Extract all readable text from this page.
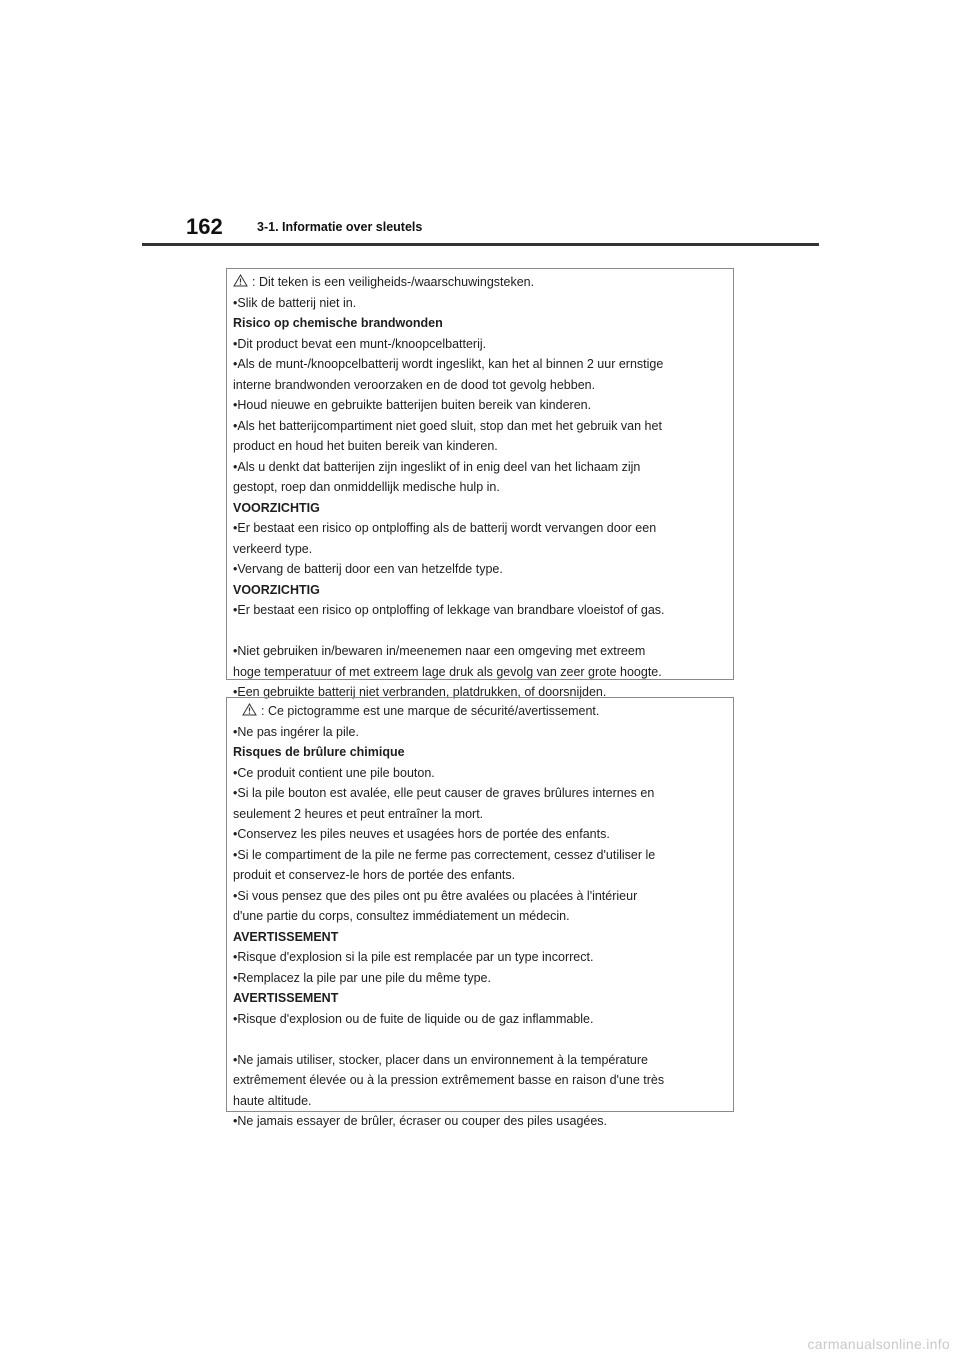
162	3-1. Informatie over sleutels
: Dit teken is een veiligheids-/waarschuwingsteken.
•Slik de batterij niet in.
Risico op chemische brandwonden
•Dit product bevat een munt-/knoopcelbatterij.
•Als de munt-/knoopcelbatterij wordt ingeslikt, kan het al binnen 2 uur ernstige
interne brandwonden veroorzaken en de dood tot gevolg hebben.
•Houd nieuwe en gebruikte batterijen buiten bereik van kinderen.
•Als het batterijcompartiment niet goed sluit, stop dan met het gebruik van het
product en houd het buiten bereik van kinderen.
•Als u denkt dat batterijen zijn ingeslikt of in enig deel van het lichaam zijn
gestopt, roep dan onmiddellijk medische hulp in.
VOORZICHTIG
•Er bestaat een risico op ontploffing als de batterij wordt vervangen door een
verkeerd type.
•Vervang de batterij door een van hetzelfde type.
VOORZICHTIG
•Er bestaat een risico op ontploffing of lekkage van brandbare vloeistof of gas.
•Niet gebruiken in/bewaren in/meenemen naar een omgeving met extreem
hoge temperatuur of met extreem lage druk als gevolg van zeer grote hoogte.
•Een gebruikte batterij niet verbranden, platdrukken, of doorsnijden.
: Ce pictogramme est une marque de sécurité/avertissement.
•Ne pas ingérer la pile.
Risques de brûlure chimique
•Ce produit contient une pile bouton.
•Si la pile bouton est avalée, elle peut causer de graves brûlures internes en
seulement 2 heures et peut entraîner la mort.
•Conservez les piles neuves et usagées hors de portée des enfants.
•Si le compartiment de la pile ne ferme pas correctement, cessez d'utiliser le
produit et conservez-le hors de portée des enfants.
•Si vous pensez que des piles ont pu être avalées ou placées à l'intérieur
d'une partie du corps, consultez immédiatement un médecin.
AVERTISSEMENT
•Risque d'explosion si la pile est remplacée par un type incorrect.
•Remplacez la pile par une pile du même type.
AVERTISSEMENT
•Risque d'explosion ou de fuite de liquide ou de gaz inflammable.
•Ne jamais utiliser, stocker, placer dans un environnement à la température
extrêmement élevée ou à la pression extrêmement basse en raison d'une très
haute altitude.
•Ne jamais essayer de brûler, écraser ou couper des piles usagées.
carmanualsonline.info
